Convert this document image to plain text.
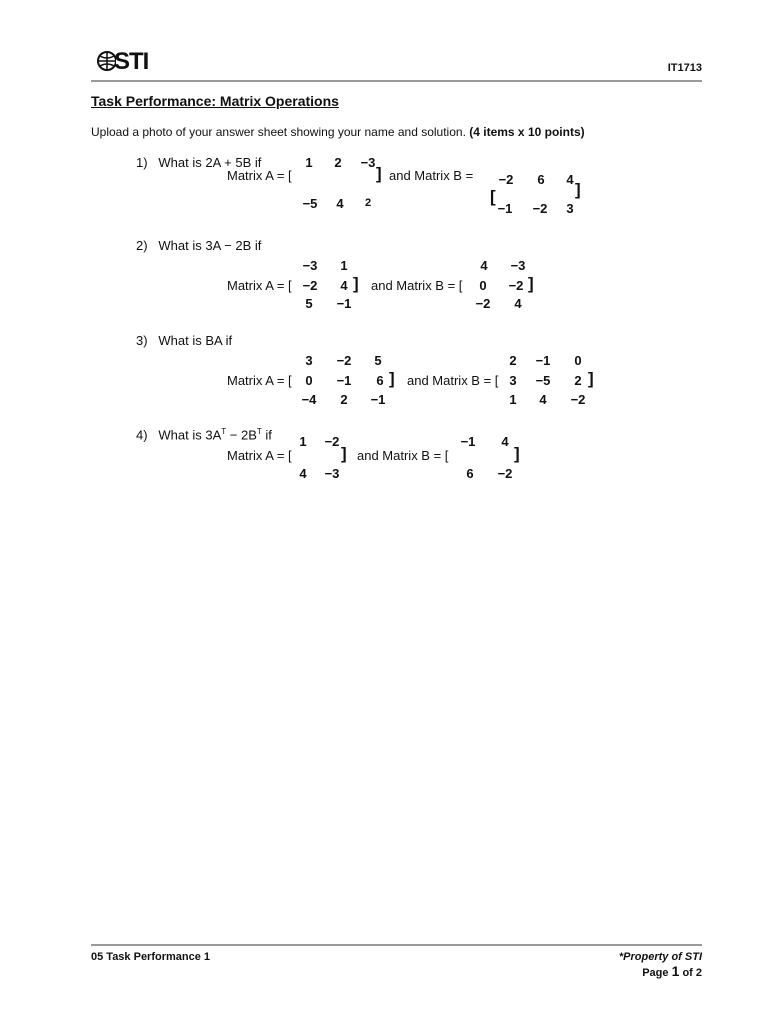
STI	IT1713
Task Performance: Matrix Operations
Upload a photo of your answer sheet showing your name and solution. (4 items x 10 points)
1) What is 2A + 5B if
Matrix A = [	] and Matrix B =
[	]
1	2	−3
−5	4	2
−2	6	4
−1	−2	3
2) What is 3A − 2B if
Matrix A = [	] and Matrix B = [	]
−3	1
−2	4
5	−1
4	−3
0	−2
−2	4
3) What is BA if
Matrix A = [	] and Matrix B = [	]
3	−2	5
0	−1	6
−4	2	−1
2	−1	0
3	−5	2
1	4	−2
4) What is $3A^T - 2B^T$ if
Matrix A = [	] and Matrix B = [	]
1	−2
4	−3
−1	4
6	−2
05 Task Performance 1	*Property of STI
Page 1 of 2
